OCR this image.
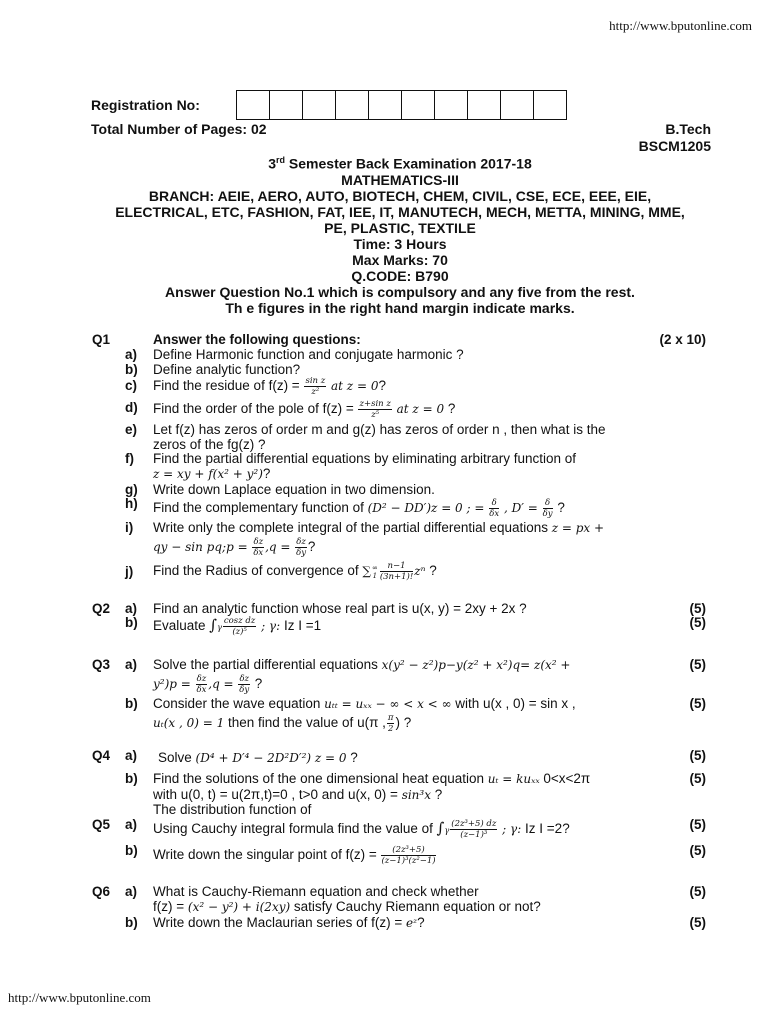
http://www.bputonline.com
Registration No:
Total Number of Pages: 02	B.Tech
BSCM1205
3rd Semester Back Examination 2017-18
MATHEMATICS-III
BRANCH: AEIE, AERO, AUTO, BIOTECH, CHEM, CIVIL, CSE, ECE, EEE, EIE,
ELECTRICAL, ETC, FASHION, FAT, IEE, IT, MANUTECH, MECH, METTA, MINING, MME,
PE, PLASTIC, TEXTILE
Time: 3 Hours
Max Marks: 70
Q.CODE: B790
Answer Question No.1 which is compulsory and any five from the rest.
Th e figures in the right hand margin indicate marks.
Q1	Answer the following questions:	(2 x 10)
a) Define Harmonic function and conjugate harmonic ?
b) Define analytic function?
c) Find the residue of $f(z) = \frac{\text{sin z}}{\text{z²}}$ at z = 0?
d) Find the order of the pole of $f(z) = \frac{\text{z+sin z}}{\text{z⁵}}$ at z = 0 ?
e) Let f(z) has zeros of order m and g(z) has zeros of order n , then what is the
zeros of the fg(z) ?
f) Find the partial differential equations by eliminating arbitrary function of
z = xy + f(x² + y²)?
g) Write down Laplace equation in two dimension.
h) Find the complementary function of (D² − DD′)z = 0 ; = $\frac{\delta}{\delta x}$ , $D' = \frac{\delta}{\delta y}$ ?
i) Write only the complete integral of the partial differential equations z = px +
qy − sin pq;p = $\frac{\delta z}{\delta x} ,q = \frac{\delta z}{\delta y}$ ?
j) Find the Radius of convergence of ∑ ∞
$1 \frac{n-1}{(3n+1)!}$ zⁿ ?
Q2 a) Find an analytic function whose real part is u(x, y) = 2xy + 2x ?	(5)
b) Evaluate $\int\gamma \frac{\text{cosz dz}}{\text{(z)⁵}}$ ; γ: Iz I =1	(5)
Q3 a) Solve the partial differential equations x(y² − z²)p−y(z² + x²)q= z(x² +
$y^2)p = \frac{\delta z}{\delta x} ,q = \frac{\delta z}{\delta y}$ ?
(5)
b) Consider the wave equation uₜₜ = uₓₓ − ∞ < x < ∞ with u(x , 0) = sin x ,
uₜ(x , 0) = 1 then find the value of u(π , $\frac{\pi}{2}$ ) ?
(5)
Q4 a) Solve (D⁴ + D′⁴ − 2D²D′²) z = 0 ?	(5)
b) Find the solutions of the one dimensional heat equation uₜ = kuₓₓ 0<x<2π
with u(0, t) = u(2π,t)=0 , t>0 and u(x, 0) = sin³x ?
The distribution function of
(5)
Q5 a) Using Cauchy integral formula find the value of $\int\gamma \frac{\text{(2z³+5) dz}}{\text{(z−1)³}}$ ; γ: Iz I =2?	(5)
b) Write down the singular point of $f(z) = \frac{\text{(2z³+5)}}{\text{(z−1)³(z²−1)}}$	(5)
Q6 a) What is Cauchy-Riemann equation and check whether
f(z) = (x² − y²) + i(2xy) satisfy Cauchy Riemann equation or not?
(5)
b) Write down the Maclaurian series of f(z) = eᶻ?	(5)
http://www.bputonline.com
